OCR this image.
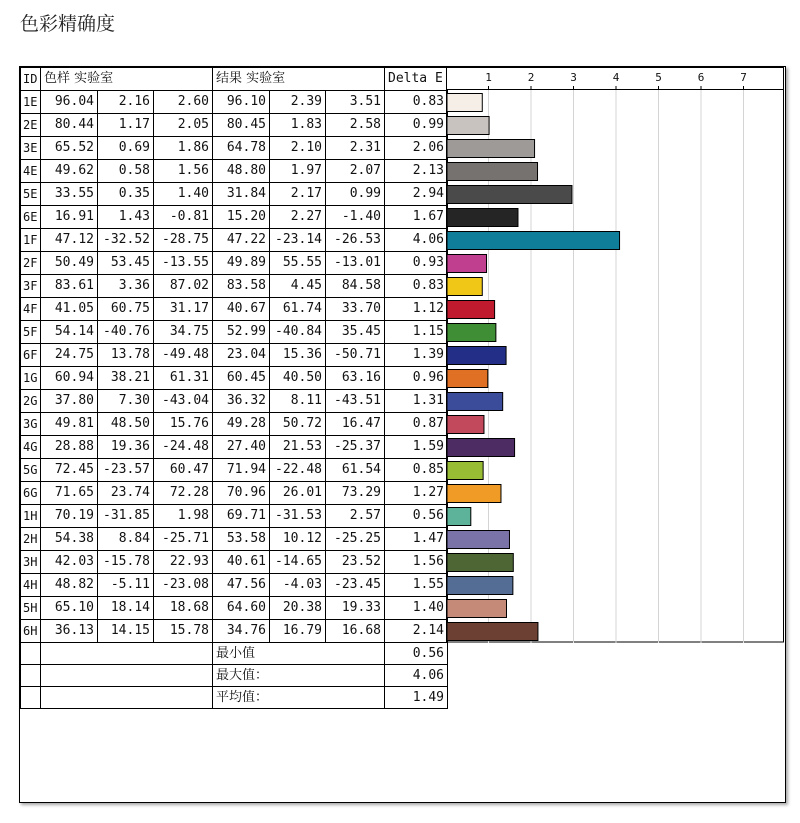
色彩精确度
ID	色样 实验室			结果 实验室			Delta E
1E	96.04	2.16	2.60	96.10	2.39	3.51	0.83
2E	80.44	1.17	2.05	80.45	1.83	2.58	0.99
3E	65.52	0.69	1.86	64.78	2.10	2.31	2.06
4E	49.62	0.58	1.56	48.80	1.97	2.07	2.13
5E	33.55	0.35	1.40	31.84	2.17	0.99	2.94
6E	16.91	1.43	-0.81	15.20	2.27	-1.40	1.67
1F	47.12	-32.52	-28.75	47.22	-23.14	-26.53	4.06
2F	50.49	53.45	-13.55	49.89	55.55	-13.01	0.93
3F	83.61	3.36	87.02	83.58	4.45	84.58	0.83
4F	41.05	60.75	31.17	40.67	61.74	33.70	1.12
5F	54.14	-40.76	34.75	52.99	-40.84	35.45	1.15
6F	24.75	13.78	-49.48	23.04	15.36	-50.71	1.39
1G	60.94	38.21	61.31	60.45	40.50	63.16	0.96
2G	37.80	7.30	-43.04	36.32	8.11	-43.51	1.31
3G	49.81	48.50	15.76	49.28	50.72	16.47	0.87
4G	28.88	19.36	-24.48	27.40	21.53	-25.37	1.59
5G	72.45	-23.57	60.47	71.94	-22.48	61.54	0.85
6G	71.65	23.74	72.28	70.96	26.01	73.29	1.27
1H	70.19	-31.85	1.98	69.71	-31.53	2.57	0.56
2H	54.38	8.84	-25.71	53.58	10.12	-25.25	1.47
3H	42.03	-15.78	22.93	40.61	-14.65	23.52	1.56
4H	48.82	-5.11	-23.08	47.56	-4.03	-23.45	1.55
5H	65.10	18.14	18.68	64.60	20.38	19.33	1.40
6H	36.13	14.15	15.78	34.76	16.79	16.68	2.14
				最小值			0.56
				最大值：			4.06
				平均值：			1.49
1	2	3	4	5	6	7
